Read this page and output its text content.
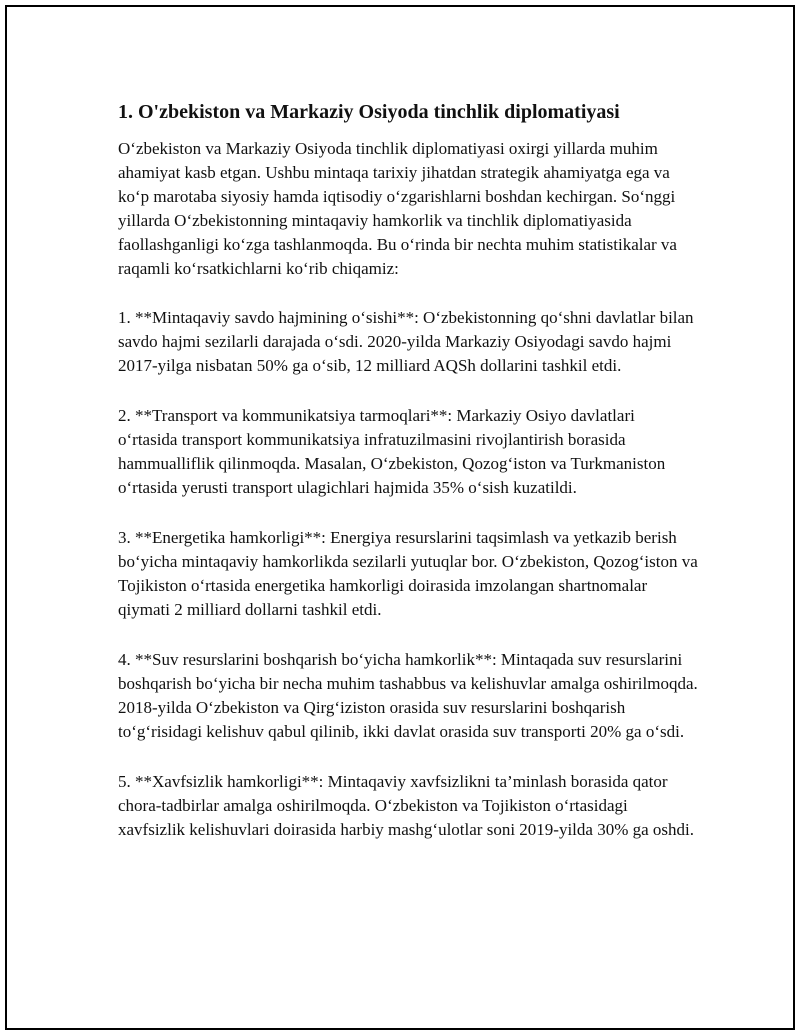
1. O'zbekiston va Markaziy Osiyoda tinchlik diplomatiyasi

O‘zbekiston va Markaziy Osiyoda tinchlik diplomatiyasi oxirgi yillarda muhim ahamiyat kasb etgan. Ushbu mintaqa tarixiy jihatdan strategik ahamiyatga ega va ko‘p marotaba siyosiy hamda iqtisodiy o‘zgarishlarni boshdan kechirgan. So‘nggi yillarda O‘zbekistonning mintaqaviy hamkorlik va tinchlik diplomatiyasida faollashganligi ko‘zga tashlanmoqda. Bu o‘rinda bir nechta muhim statistikalar va raqamli ko‘rsatkichlarni ko‘rib chiqamiz:

1. **Mintaqaviy savdo hajmining o‘sishi**: O‘zbekistonning qo‘shni davlatlar bilan savdo hajmi sezilarli darajada o‘sdi. 2020-yilda Markaziy Osiyodagi savdo hajmi 2017-yilga nisbatan 50% ga o‘sib, 12 milliard AQSh dollarini tashkil etdi.

2. **Transport va kommunikatsiya tarmoqlari**: Markaziy Osiyo davlatlari o‘rtasida transport kommunikatsiya infratuzilmasini rivojlantirish borasida hammualliflik qilinmoqda. Masalan, O‘zbekiston, Qozog‘iston va Turkmaniston o‘rtasida yerusti transport ulagichlari hajmida 35% o‘sish kuzatildi.

3. **Energetika hamkorligi**: Energiya resurslarini taqsimlash va yetkazib berish bo‘yicha mintaqaviy hamkorlikda sezilarli yutuqlar bor. O‘zbekiston, Qozog‘iston va Tojikiston o‘rtasida energetika hamkorligi doirasida imzolangan shartnomalar qiymati 2 milliard dollarni tashkil etdi.

4. **Suv resurslarini boshqarish bo‘yicha hamkorlik**: Mintaqada suv resurslarini boshqarish bo‘yicha bir necha muhim tashabbus va kelishuvlar amalga oshirilmoqda. 2018-yilda O‘zbekiston va Qirg‘iziston orasida suv resurslarini boshqarish to‘g‘risidagi kelishuv qabul qilinib, ikki davlat orasida suv transporti 20% ga o‘sdi.

5. **Xavfsizlik hamkorligi**: Mintaqaviy xavfsizlikni ta’minlash borasida qator chora-tadbirlar amalga oshirilmoqda. O‘zbekiston va Tojikiston o‘rtasidagi xavfsizlik kelishuvlari doirasida harbiy mashg‘ulotlar soni 2019-yilda 30% ga oshdi.
